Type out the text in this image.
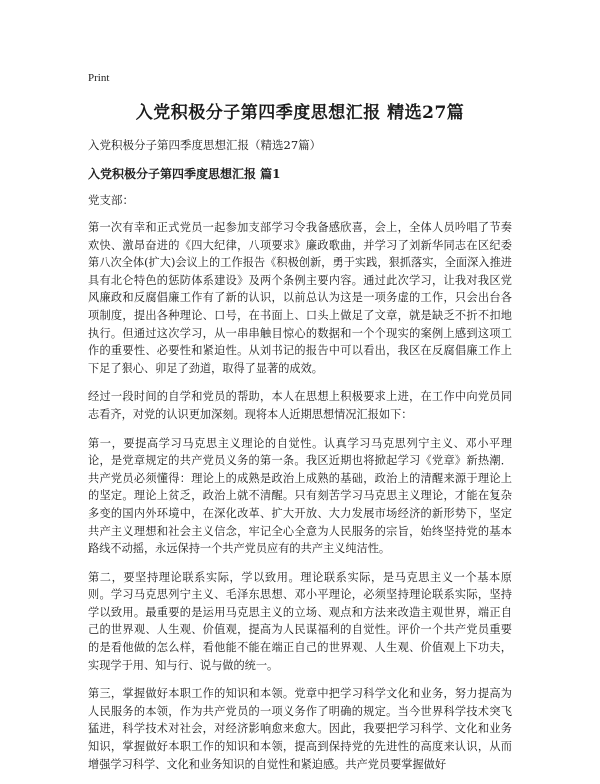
Print
入党积极分子第四季度思想汇报 精选27篇
入党积极分子第四季度思想汇报（精选27篇）
入党积极分子第四季度思想汇报 篇1
党支部：

第一次有幸和正式党员一起参加支部学习令我备感欣喜，会上，全体人员吟唱了节奏欢快、激昂奋进的《四大纪律，八项要求》廉政歌曲，并学习了刘新华同志在区纪委第八次全体(扩大)会议上的工作报告《积极创新，勇于实践，狠抓落实，全面深入推进具有北仑特色的惩防体系建设》及两个条例主要内容。通过此次学习，让我对我区党风廉政和反腐倡廉工作有了新的认识，以前总认为这是一项务虚的工作，只会出台各项制度，提出各种理论、口号，在书面上、口头上做足了文章，就是缺乏不折不扣地执行。但通过这次学习，从一串串触目惊心的数据和一个个现实的案例上感到这项工作的重要性、必要性和紧迫性。从刘书记的报告中可以看出，我区在反腐倡廉工作上下足了狠心、卯足了劲道，取得了显著的成效。

经过一段时间的自学和党员的帮助，本人在思想上积极要求上进，在工作中向党员同志看齐，对党的认识更加深刻。现将本人近期思想情况汇报如下：

第一，要提高学习马克思主义理论的自觉性。认真学习马克思列宁主义、邓小平理论，是党章规定的共产党员义务的第一条。我区近期也将掀起学习《党章》新热潮．共产党员必须懂得：理论上的成熟是政治上成熟的基础，政治上的清醒来源于理论上的坚定。理论上贫乏，政治上就不清醒。只有刻苦学习马克思主义理论，才能在复杂多变的国内外环境中，在深化改革、扩大开放、大力发展市场经济的新形势下，坚定共产主义理想和社会主义信念，牢记全心全意为人民服务的宗旨，始终坚持党的基本路线不动摇，永远保持一个共产党员应有的共产主义纯洁性。

第二，要坚持理论联系实际，学以致用。理论联系实际，是马克思主义一个基本原则。学习马克思列宁主义、毛泽东思想、邓小平理论，必须坚持理论联系实际，坚持学以致用。最重要的是运用马克思主义的立场、观点和方法来改造主观世界，端正自己的世界观、人生观、价值观，提高为人民谋福利的自觉性。评价一个共产党员重要的是看他做的怎么样，看他能不能在端正自己的世界观、人生观、价值观上下功夫，实现学于用、知与行、说与做的统一。

第三，掌握做好本职工作的知识和本领。党章中把学习科学文化和业务，努力提高为人民服务的本领，作为共产党员的一项义务作了明确的规定。当今世界科学技术突飞猛进，科学技术对社会，对经济影响愈来愈大。因此，我要把学习科学、文化和业务知识，掌握做好本职工作的知识和本领，提高到保持党的先进性的高度来认识，从而增强学习科学、文化和业务知识的自觉性和紧迫感。共产党员要掌握做好
